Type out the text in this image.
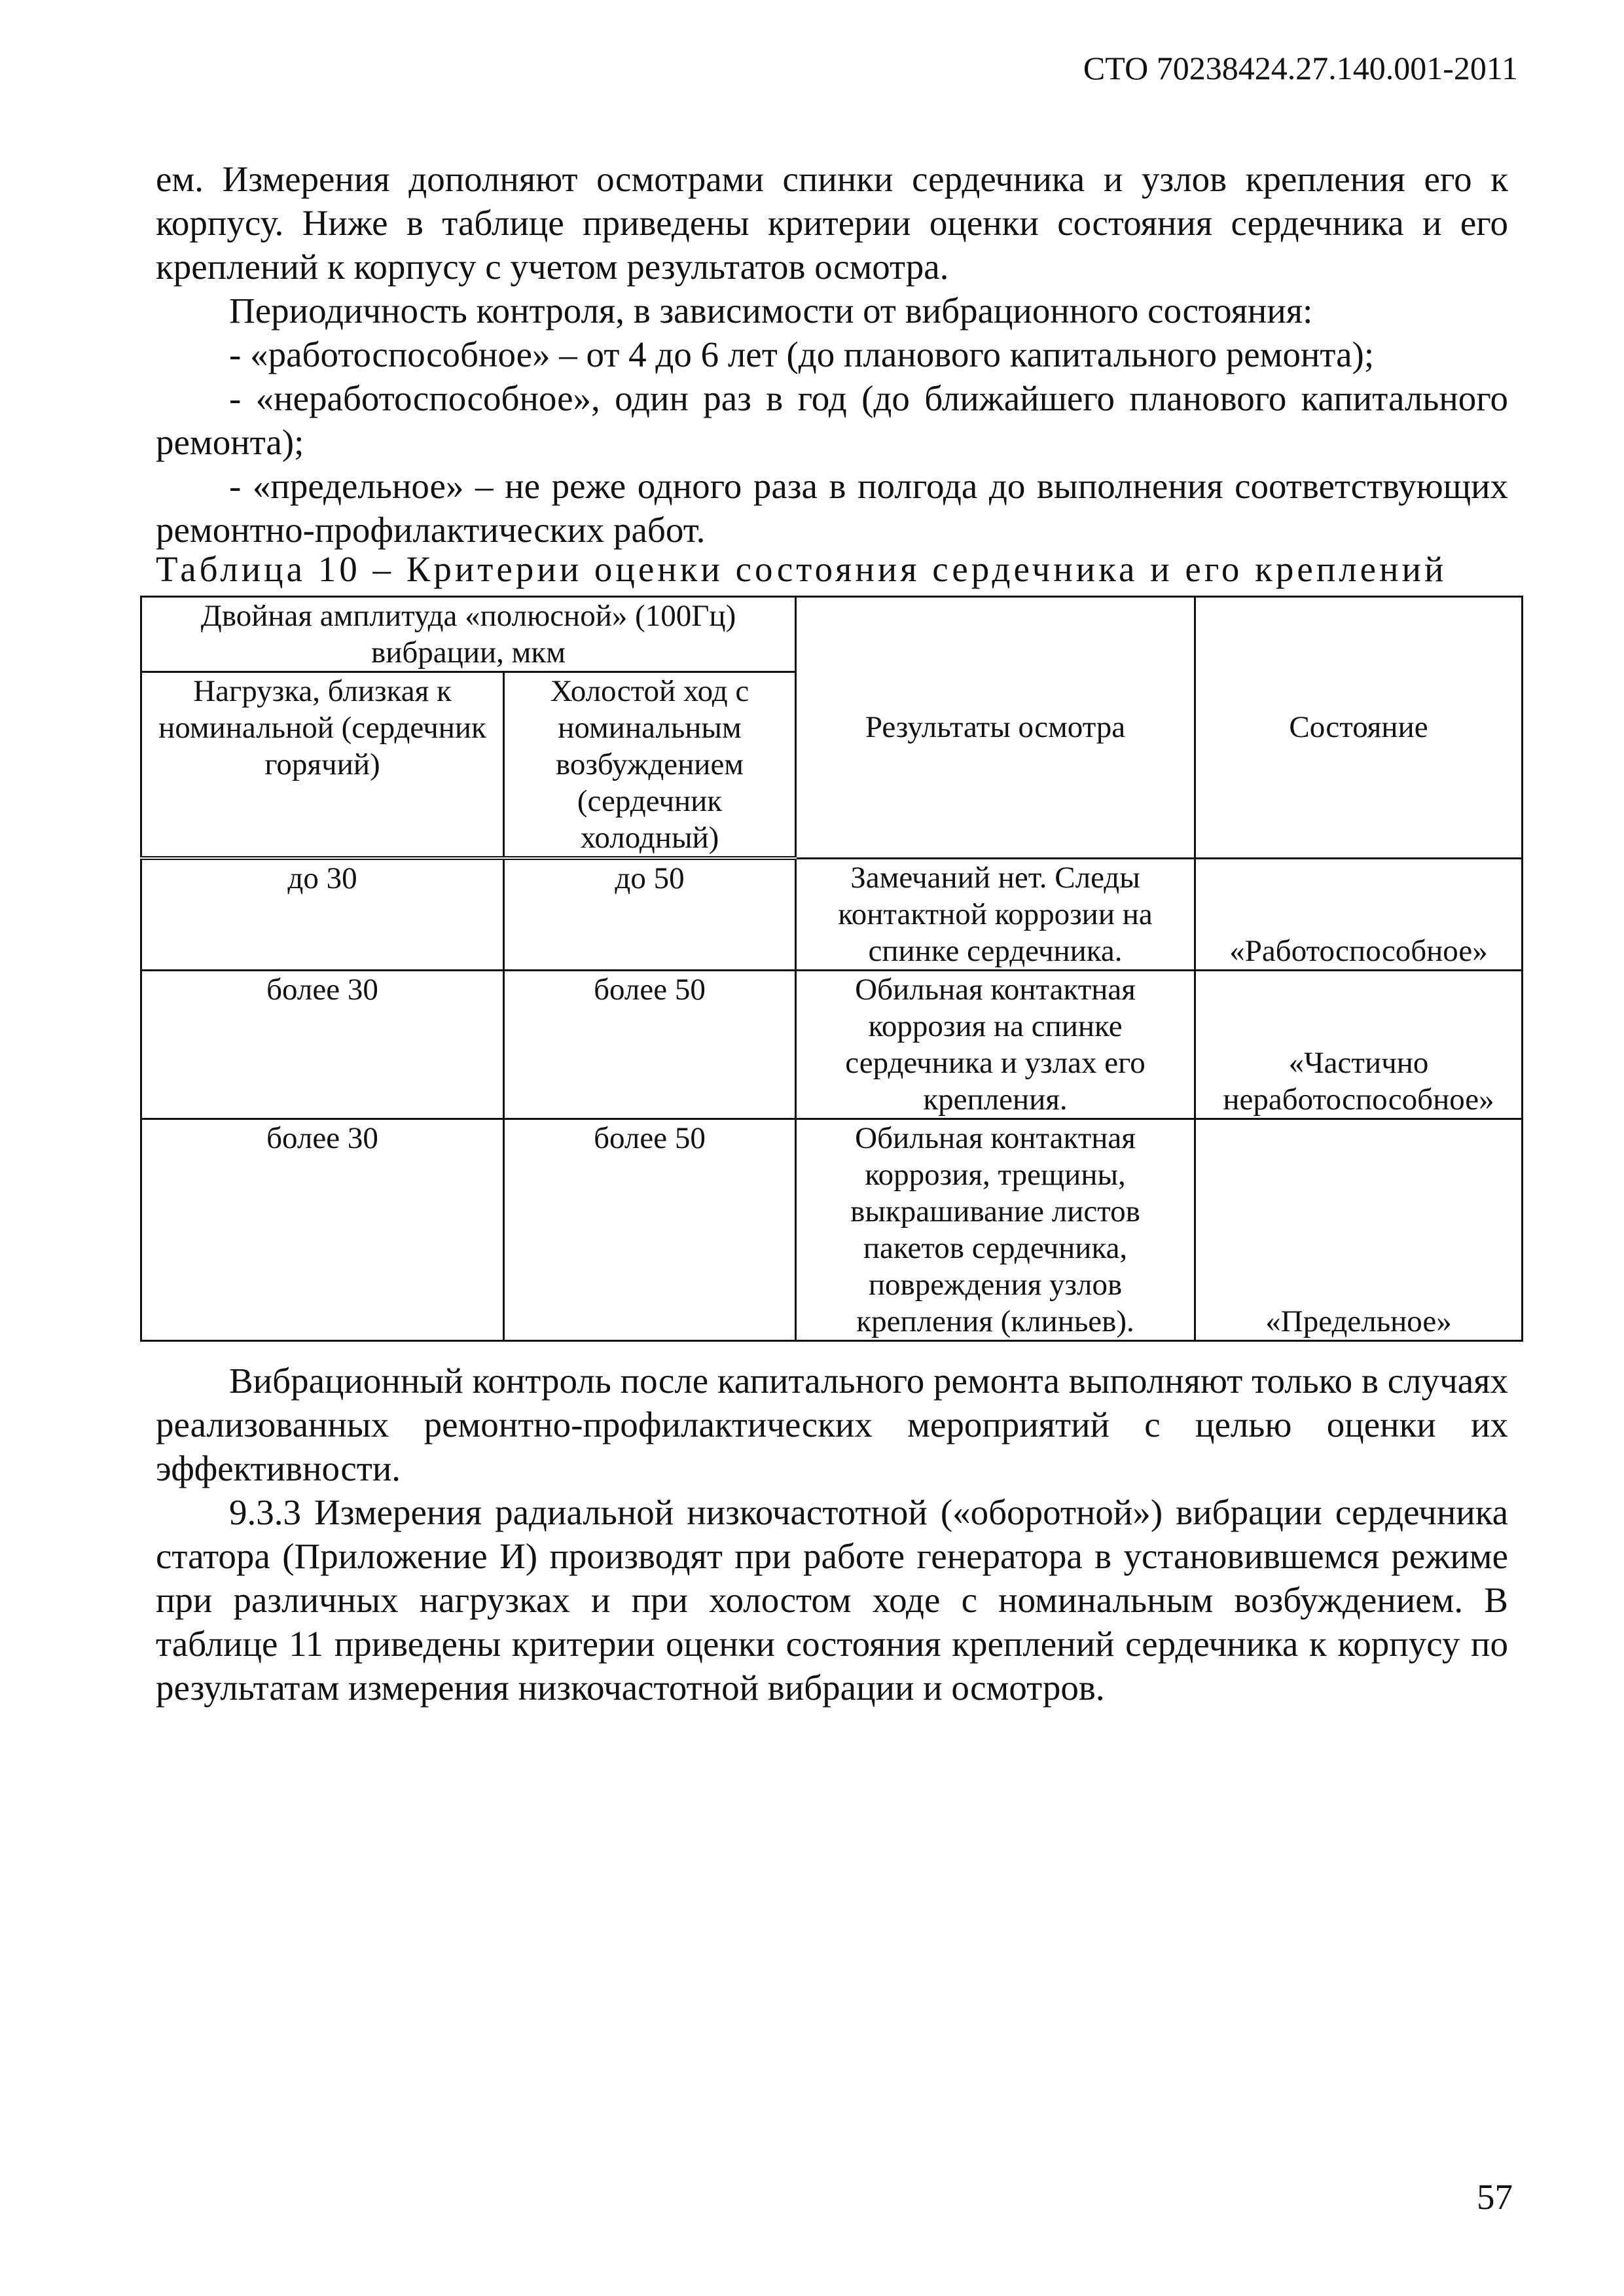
СТО 70238424.27.140.001-2011

ем. Измерения дополняют осмотрами спинки сердечника и узлов крепления его к корпусу. Ниже в таблице приведены критерии оценки состояния сердечника и его креплений к корпусу с учетом результатов осмотра.

Периодичность контроля, в зависимости от вибрационного состояния:

- «работоспособное» – от 4 до 6 лет (до планового капитального ремонта);

- «неработоспособное», один раз в год (до ближайшего планового капитального ремонта);

- «предельное» – не реже одного раза в полгода до выполнения соответствующих ремонтно-профилактических работ.

Таблица 10 – Критерии оценки состояния сердечника и его креплений
Двойная амплитуда «полюсной» (100Гц) вибрации, мкм		Результаты осмотра	Состояние
Нагрузка, близкая к номинальной (сердечник горячий)	Холостой ход с номинальным возбуждением (сердечник холодный)		
до 30	до 50	Замечаний нет. Следы контактной коррозии на спинке сердечника.	«Работоспособное»
более 30	более 50	Обильная контактная коррозия на спинке сердечника и узлах его крепления.	«Частично неработоспособное»
более 30	более 50	Обильная контактная коррозия, трещины, выкрашивание листов пакетов сердечника, повреждения узлов крепления (клиньев).	«Предельное»

Вибрационный контроль после капитального ремонта выполняют только в случаях реализованных ремонтно-профилактических мероприятий с целью оценки их эффективности.

9.3.3 Измерения радиальной низкочастотной («оборотной») вибрации сердечника статора (Приложение И) производят при работе генератора в установившемся режиме при различных нагрузках и при холостом ходе с номинальным возбуждением. В таблице 11 приведены критерии оценки состояния креплений сердечника к корпусу по результатам измерения низкочастотной вибрации и осмотров.

57
